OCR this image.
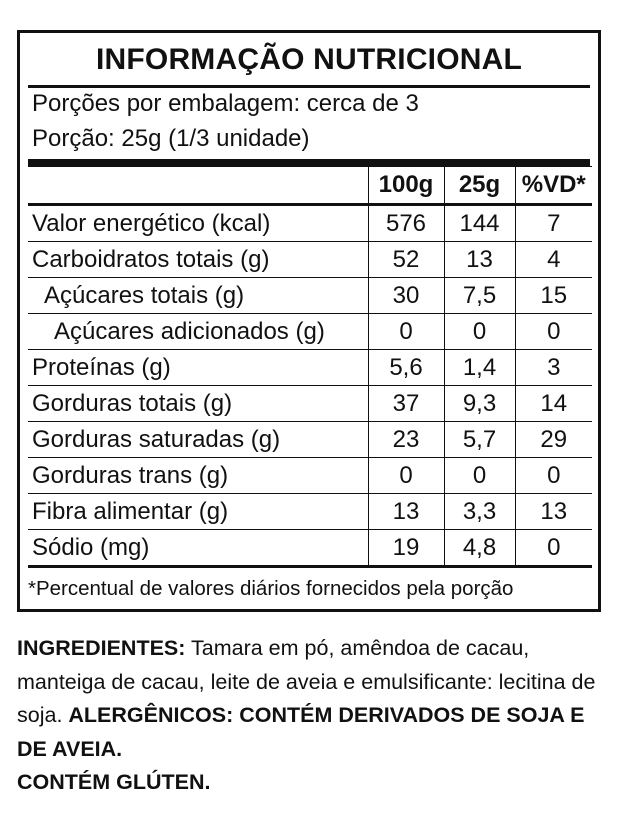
INFORMAÇÃO NUTRICIONAL
Porções por embalagem: cerca de 3
Porção: 25g (1/3 unidade)
	100g	25g	%VD*
Valor energético (kcal)	576	144	7
Carboidratos totais (g)	52	13	4
Açúcares totais (g)	30	7,5	15
Açúcares adicionados (g)	0	0	0
Proteínas (g)	5,6	1,4	3
Gorduras totais (g)	37	9,3	14
Gorduras saturadas (g)	23	5,7	29
Gorduras trans (g)	0	0	0
Fibra alimentar (g)	13	3,3	13
Sódio (mg)	19	4,8	0
*Percentual de valores diários fornecidos pela porção
INGREDIENTES: Tamara em pó, amêndoa de cacau, manteiga de cacau, leite de aveia e emulsificante: lecitina de soja. ALERGÊNICOS: CONTÉM DERIVADOS DE SOJA E DE AVEIA.
CONTÉM GLÚTEN.
